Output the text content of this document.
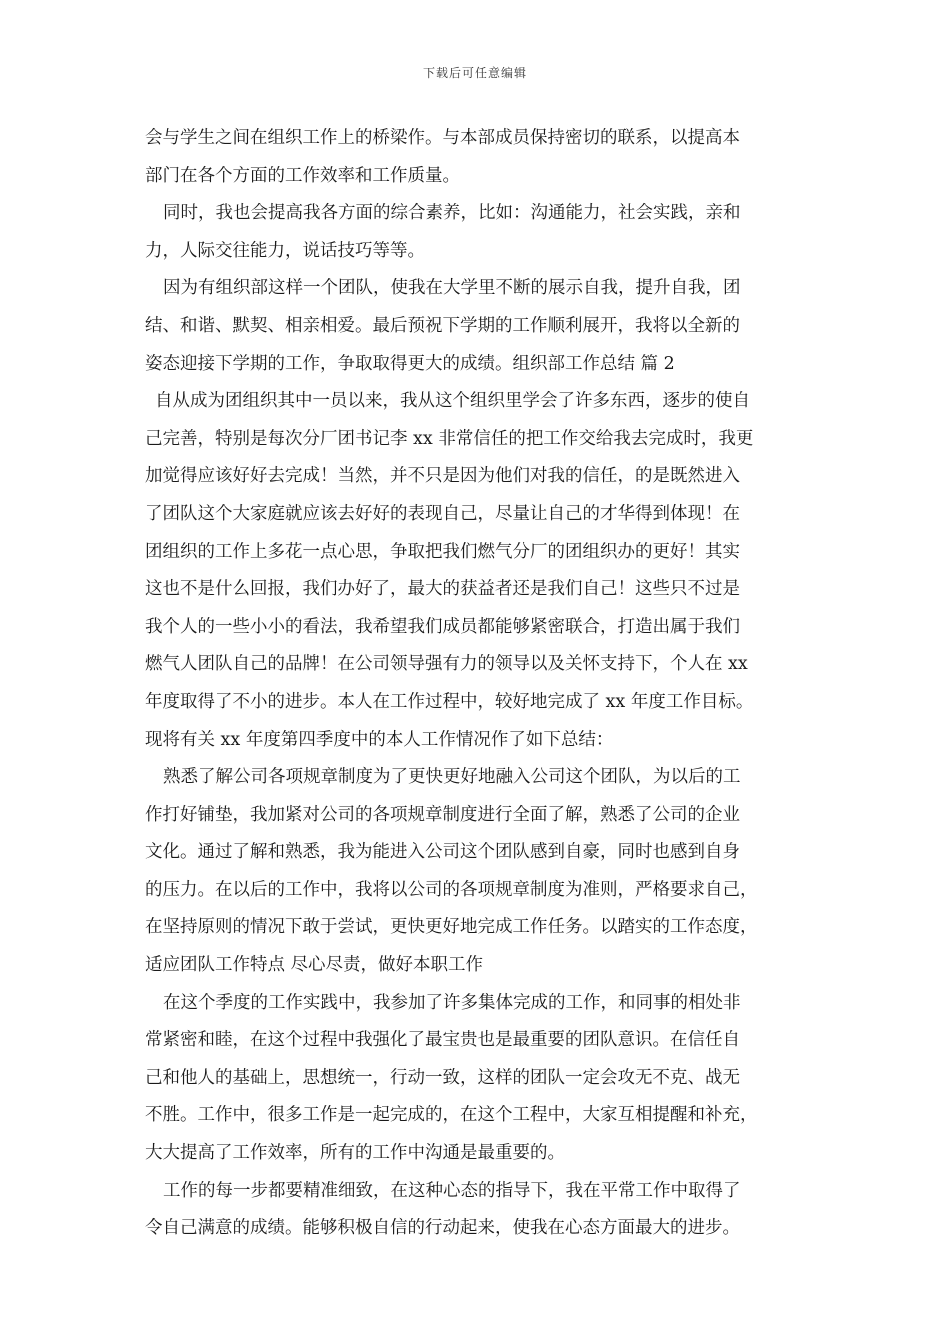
下载后可任意编辑
会与学生之间在组织工作上的桥梁作。与本部成员保持密切的联系，以提高本
部门在各个方面的工作效率和工作质量。
同时，我也会提高我各方面的综合素养，比如：沟通能力，社会实践，亲和
力，人际交往能力，说话技巧等等。
因为有组织部这样一个团队，使我在大学里不断的展示自我，提升自我，团
结、和谐、默契、相亲相爱。最后预祝下学期的工作顺利展开，我将以全新的
姿态迎接下学期的工作，争取取得更大的成绩。组织部工作总结 篇 2
自从成为团组织其中一员以来，我从这个组织里学会了许多东西，逐步的使自
己完善，特别是每次分厂团书记李 xx 非常信任的把工作交给我去完成时，我更
加觉得应该好好去完成！当然，并不只是因为他们对我的信任，的是既然进入
了团队这个大家庭就应该去好好的表现自己，尽量让自己的才华得到体现！在
团组织的工作上多花一点心思，争取把我们燃气分厂的团组织办的更好！其实
这也不是什么回报，我们办好了，最大的获益者还是我们自己！这些只不过是
我个人的一些小小的看法，我希望我们成员都能够紧密联合，打造出属于我们
燃气人团队自己的品牌！在公司领导强有力的领导以及关怀支持下，个人在 xx
年度取得了不小的进步。本人在工作过程中，较好地完成了 xx 年度工作目标。
现将有关 xx 年度第四季度中的本人工作情况作了如下总结：
熟悉了解公司各项规章制度为了更快更好地融入公司这个团队，为以后的工
作打好铺垫，我加紧对公司的各项规章制度进行全面了解，熟悉了公司的企业
文化。通过了解和熟悉，我为能进入公司这个团队感到自豪，同时也感到自身
的压力。在以后的工作中，我将以公司的各项规章制度为准则，严格要求自己，
在坚持原则的情况下敢于尝试，更快更好地完成工作任务。以踏实的工作态度，
适应团队工作特点 尽心尽责，做好本职工作
在这个季度的工作实践中，我参加了许多集体完成的工作，和同事的相处非
常紧密和睦，在这个过程中我强化了最宝贵也是最重要的团队意识。在信任自
己和他人的基础上，思想统一，行动一致，这样的团队一定会攻无不克、战无
不胜。工作中，很多工作是一起完成的，在这个工程中，大家互相提醒和补充，
大大提高了工作效率，所有的工作中沟通是最重要的。
工作的每一步都要精准细致，在这种心态的指导下，我在平常工作中取得了
令自己满意的成绩。能够积极自信的行动起来，使我在心态方面最大的进步。
